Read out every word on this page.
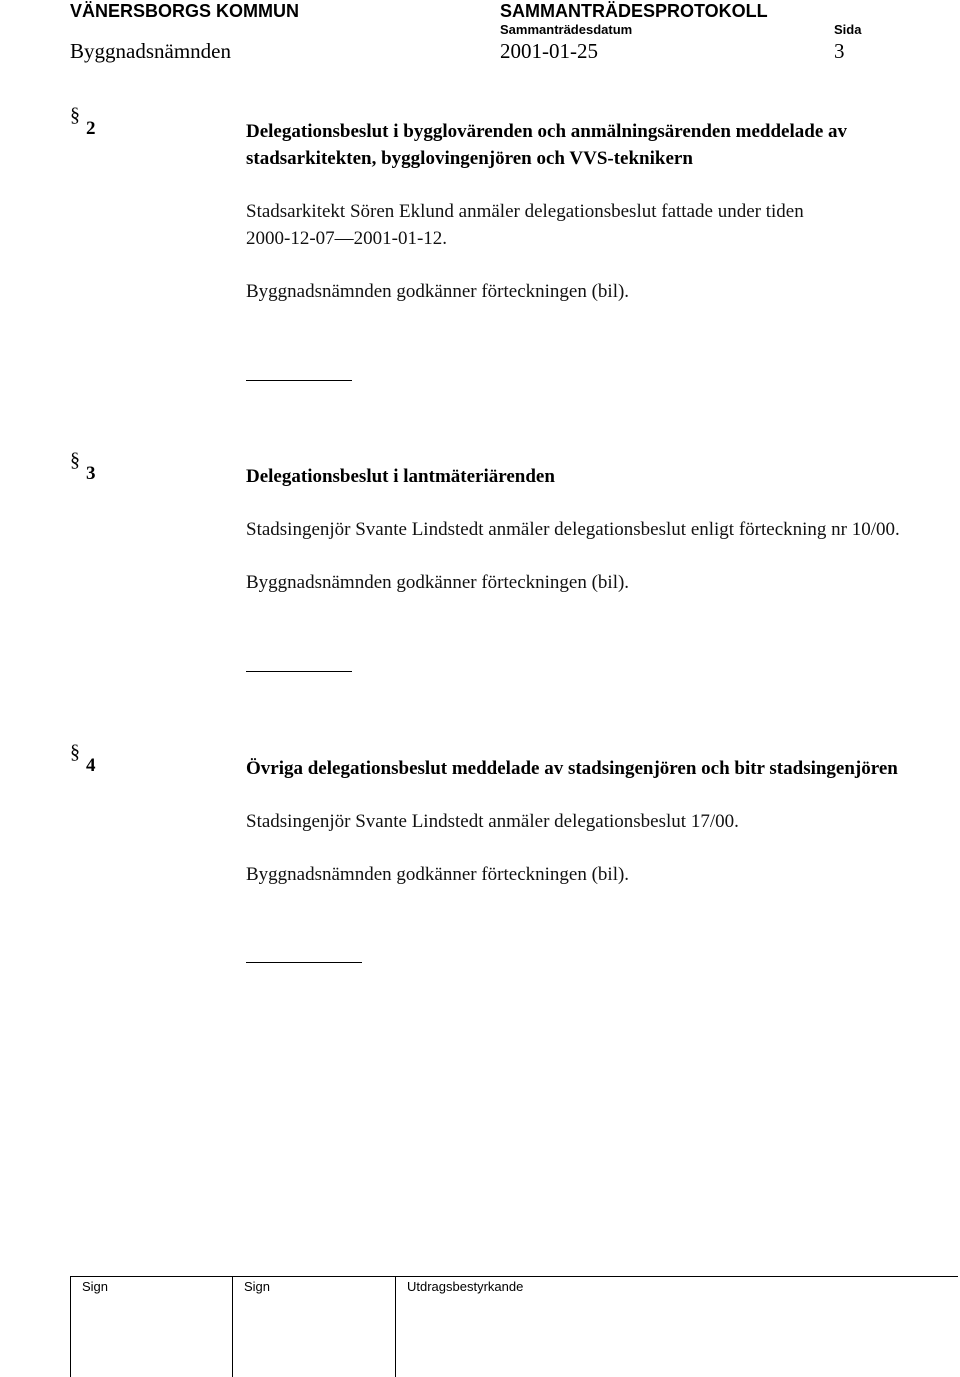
VÄNERSBORGS KOMMUN	SAMMANTRÄDESPROTOKOLL
Sammanträdesdatum	Sida
Byggnadsnämnden	2001-01-25	3
§
2	Delegationsbeslut i bygglovärenden och anmälningsärenden meddelade av stadsarkitekten, bygglovingenjören och VVS-teknikern
Stadsarkitekt Sören Eklund anmäler delegationsbeslut fattade under tiden
2000-12-07—2001-01-12.
Byggnadsnämnden godkänner förteckningen (bil).
§
3	Delegationsbeslut i lantmäteriärenden
Stadsingenjör Svante Lindstedt anmäler delegationsbeslut enligt förteckning nr 10/00.
Byggnadsnämnden godkänner förteckningen (bil).
§
4	Övriga delegationsbeslut meddelade av stadsingenjören och bitr stadsingenjören
Stadsingenjör Svante Lindstedt anmäler delegationsbeslut 17/00.
Byggnadsnämnden godkänner förteckningen (bil).
Sign	Sign	Utdragsbestyrkande
